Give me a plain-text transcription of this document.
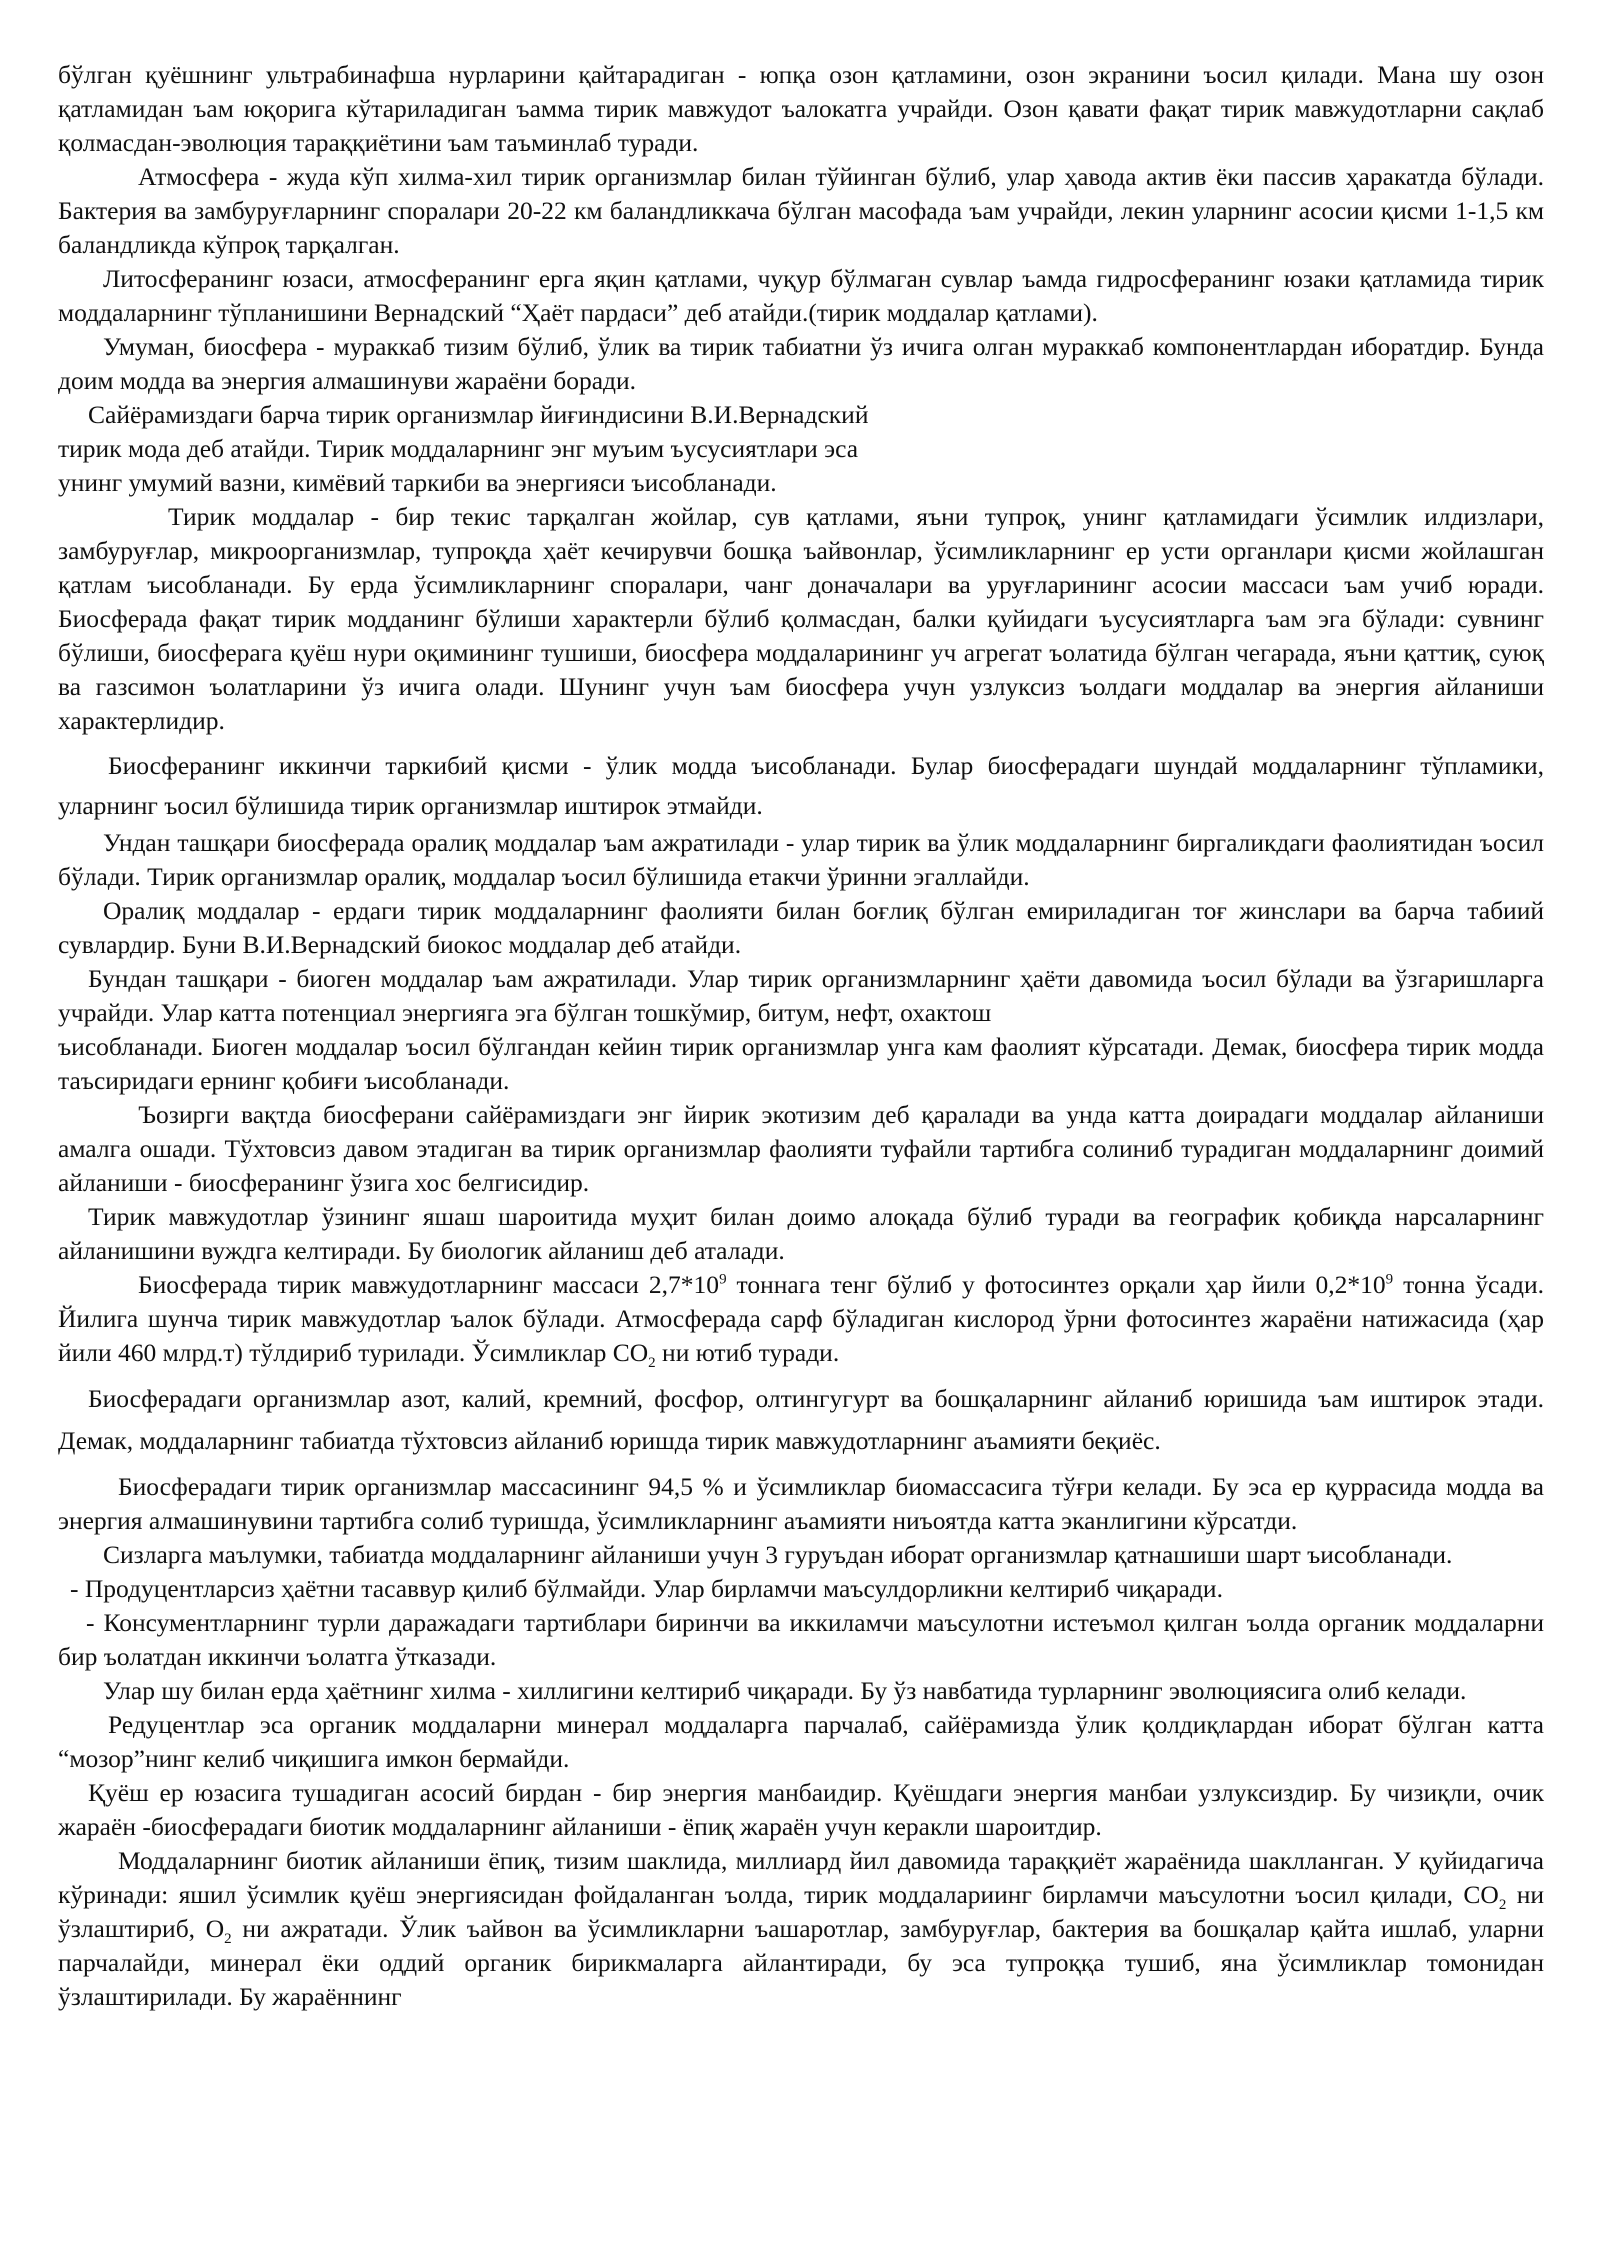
бўлган қуёшнинг ультрабинафша нурларини қайтарадиган - юпқа озон қатламини, озон экранини ъосил қилади. Мана шу озон қатламидан ъам юқорига кўтариладиган ъамма тирик мавжудот ъалокатга учрайди. Озон қавати фақат тирик мавжудотларни сақлаб қолмасдан-эволюция тараққиётини ъам таъминлаб туради.

Атмосфера - жуда кўп хилма-хил тирик организмлар билан тўйинган бўлиб, улар ҳавода актив ёки пассив ҳаракатда бўлади. Бактерия ва замбуруғларнинг споралари 20-22 км баландликкача бўлган масофада ъам учрайди, лекин уларнинг асосии қисми 1-1,5 км баландликда кўпроқ тарқалган.

Литосферанинг юзаси, атмосферанинг ерга яқин қатлами, чуқур бўлмаган сувлар ъамда гидросферанинг юзаки қатламида тирик моддаларнинг тўпланишини Вернадский “Ҳаёт пардаси” деб атайди.(тирик моддалар қатлами).

Умуман, биосфера - мураккаб тизим бўлиб, ўлик ва тирик табиатни ўз ичига олган мураккаб компонентлардан иборатдир. Бунда доим модда ва энергия алмашинуви жараёни боради.

Сайёрамиздаги барча тирик организмлар йиғиндисини В.И.Вернадский

тирик мода деб атайди. Тирик моддаларнинг энг муъим ъусусиятлари эса

унинг умумий вазни, кимёвий таркиби ва энергияси ъисобланади.

Тирик моддалар - бир текис тарқалган жойлар, сув қатлами, яъни тупроқ, унинг қатламидаги ўсимлик илдизлари, замбуруғлар, микроорганизмлар, тупроқда ҳаёт кечирувчи бошқа ъайвонлар, ўсимликларнинг ер усти органлари қисми жойлашган қатлам ъисобланади. Бу ерда ўсимликларнинг споралари, чанг доначалари ва уруғларининг асосии массаси ъам учиб юради. Биосферада фақат тирик модданинг бўлиши характерли бўлиб қолмасдан, балки қуйидаги ъусусиятларга ъам эга бўлади: сувнинг бўлиши, биосферага қуёш нури оқимининг тушиши, биосфера моддаларининг уч агрегат ъолатида бўлган чегарада, яъни қаттиқ, суюқ ва газсимон ъолатларини ўз ичига олади. Шунинг учун ъам биосфера учун узлуксиз ъолдаги моддалар ва энергия айланиши характерлидир.

Биосферанинг иккинчи таркибий қисми - ўлик модда ъисобланади. Булар биосферадаги шундай моддаларнинг тўпламики, уларнинг ъосил бўлишида тирик организмлар иштирок этмайди.

Ундан ташқари биосферада оралиқ моддалар ъам ажратилади - улар тирик ва ўлик моддаларнинг биргаликдаги фаолиятидан ъосил бўлади. Тирик организмлар оралиқ, моддалар ъосил бўлишида етакчи ўринни эгаллайди.

Оралиқ моддалар - ердаги тирик моддаларнинг фаолияти билан боғлиқ бўлган емириладиган тоғ жинслари ва барча табиий сувлардир. Буни В.И.Вернадский биокос моддалар деб атайди.

Бундан ташқари - биоген моддалар ъам ажратилади. Улар тирик организмларнинг ҳаёти давомида ъосил бўлади ва ўзгаришларга учрайди. Улар катта потенциал энергияга эга бўлган тошкўмир, битум, нефт, охактош

ъисобланади. Биоген моддалар ъосил бўлгандан кейин тирик организмлар унга кам фаолият кўрсатади. Демак, биосфера тирик модда таъсиридаги ернинг қобиғи ъисобланади.

Ъозирги вақтда биосферани сайёрамиздаги энг йирик экотизим деб қаралади ва унда катта доирадаги моддалар айланиши амалга ошади. Тўхтовсиз давом этадиган ва тирик организмлар фаолияти туфайли тартибга солиниб турадиган моддаларнинг доимий айланиши - биосферанинг ўзига хос белгисидир.

Тирик мавжудотлар ўзининг яшаш шароитида муҳит билан доимо алоқада бўлиб туради ва географик қобиқда нарсаларнинг айланишини вуждга келтиради. Бу биологик айланиш деб аталади.

Биосферада тирик мавжудотларнинг массаси $2,7*10^9$ тоннага тенг бўлиб у фотосинтез орқали ҳар йили $0,2*10^9$ тонна ўсади. Йилига шунча тирик мавжудотлар ъалок бўлади. Атмосферада сарф бўладиган кислород ўрни фотосинтез жараёни натижасида (ҳар йили 460 млрд.т) тўлдириб турилади. Ўсимликлар $СО_2$ ни ютиб туради.

Биосферадаги организмлар азот, калий, кремний, фосфор, олтингугурт ва бошқаларнинг айланиб юришида ъам иштирок этади. Демак, моддаларнинг табиатда тўхтовсиз айланиб юришда тирик мавжудотларнинг аъамияти беқиёс.

Биосферадаги тирик организмлар массасининг 94,5 % и ўсимликлар биомассасига тўғри келади. Бу эса ер қуррасида модда ва энергия алмашинувини тартибга солиб туришда, ўсимликларнинг аъамияти ниъоятда катта эканлигини кўрсатди.

Сизларга маълумки, табиатда моддаларнинг айланиши учун 3 гуруъдан иборат организмлар қатнашиши шарт ъисобланади.

- Продуцентларсиз ҳаётни тасаввур қилиб бўлмайди. Улар бирламчи маъсулдорликни келтириб чиқаради.

- Консументларнинг турли даражадаги тартиблари биринчи ва иккиламчи маъсулотни истеъмол қилган ъолда органик моддаларни бир ъолатдан иккинчи ъолатга ўтказади.

Улар шу билан ерда ҳаётнинг хилма - хиллигини келтириб чиқаради. Бу ўз навбатида турларнинг эволюциясига олиб келади.

Редуцентлар эса органик моддаларни минерал моддаларга парчалаб, сайёрамизда ўлик қолдиқлардан иборат бўлган катта “мозор”нинг келиб чиқишига имкон бермайди.

Қуёш ер юзасига тушадиган асосий бирдан - бир энергия манбаидир. Қуёшдаги энергия манбаи узлуксиздир. Бу чизиқли, очик жараён -биосферадаги биотик моддаларнинг айланиши - ёпиқ жараён учун керакли шароитдир.

Моддаларнинг биотик айланиши ёпиқ, тизим шаклида, миллиард йил давомида тараққиёт жараёнида шаклланган. У қуйидагича кўринади: яшил ўсимлик қуёш энергиясидан фойдаланган ъолда, тирик моддалариинг бирламчи маъсулотни ъосил қилади, $СО_2$ ни ўзлаштириб, $О_2$ ни ажратади. Ўлик ъайвон ва ўсимликларни ъашаротлар, замбуруғлар, бактерия ва бошқалар қайта ишлаб, уларни парчалайди, минерал ёки оддий органик бирикмаларга айлантиради, бу эса тупроққа тушиб, яна ўсимликлар томонидан ўзлаштирилади. Бу жараённинг
